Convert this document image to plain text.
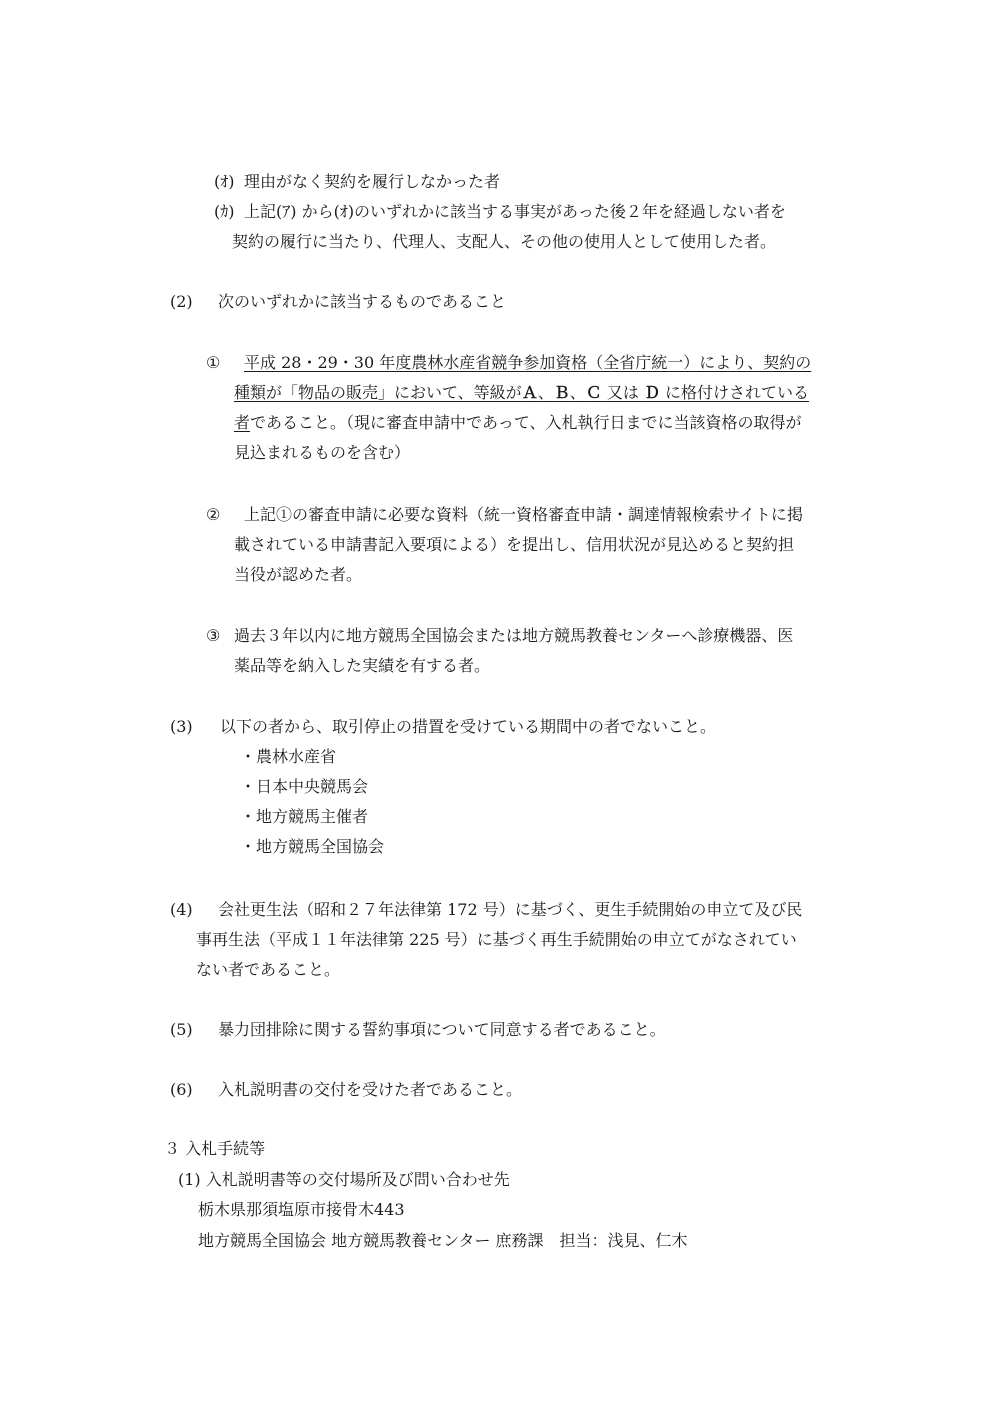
(ｵ) 理由がなく契約を履行しなかった者
(ｶ) 上記(ｱ) から(ｵ)のいずれかに該当する事実があった後２年を経過しない者を
契約の履行に当たり、代理人、支配人、その他の使用人として使用した者。
(2) 次のいずれかに該当するものであること
① 平成 28・29・30 年度農林水産省競争参加資格（全省庁統一）により、契約の
種類が「物品の販売」において、等級がＡ、Ｂ、Ｃ 又は Ｄ に格付けされている
者であること。（現に審査申請中であって、入札執行日までに当該資格の取得が
見込まれるものを含む）
② 上記①の審査申請に必要な資料（統一資格審査申請・調達情報検索サイトに掲
載されている申請書記入要項による）を提出し、信用状況が見込めると契約担
当役が認めた者。
③ 過去３年以内に地方競馬全国協会または地方競馬教養センターへ診療機器、医
薬品等を納入した実績を有する者。
(3) 以下の者から、取引停止の措置を受けている期間中の者でないこと。
・農林水産省
・日本中央競馬会
・地方競馬主催者
・地方競馬全国協会
(4) 会社更生法（昭和２７年法律第 172 号）に基づく、更生手続開始の申立て及び民
事再生法（平成１１年法律第 225 号）に基づく再生手続開始の申立てがなされてい
ない者であること。
(5) 暴力団排除に関する誓約事項について同意する者であること。
(6) 入札説明書の交付を受けた者であること。
３ 入札手続等
(1) 入札説明書等の交付場所及び問い合わせ先
栃木県那須塩原市接骨木443
地方競馬全国協会 地方競馬教養センター 庶務課　担当：浅見、仁木
